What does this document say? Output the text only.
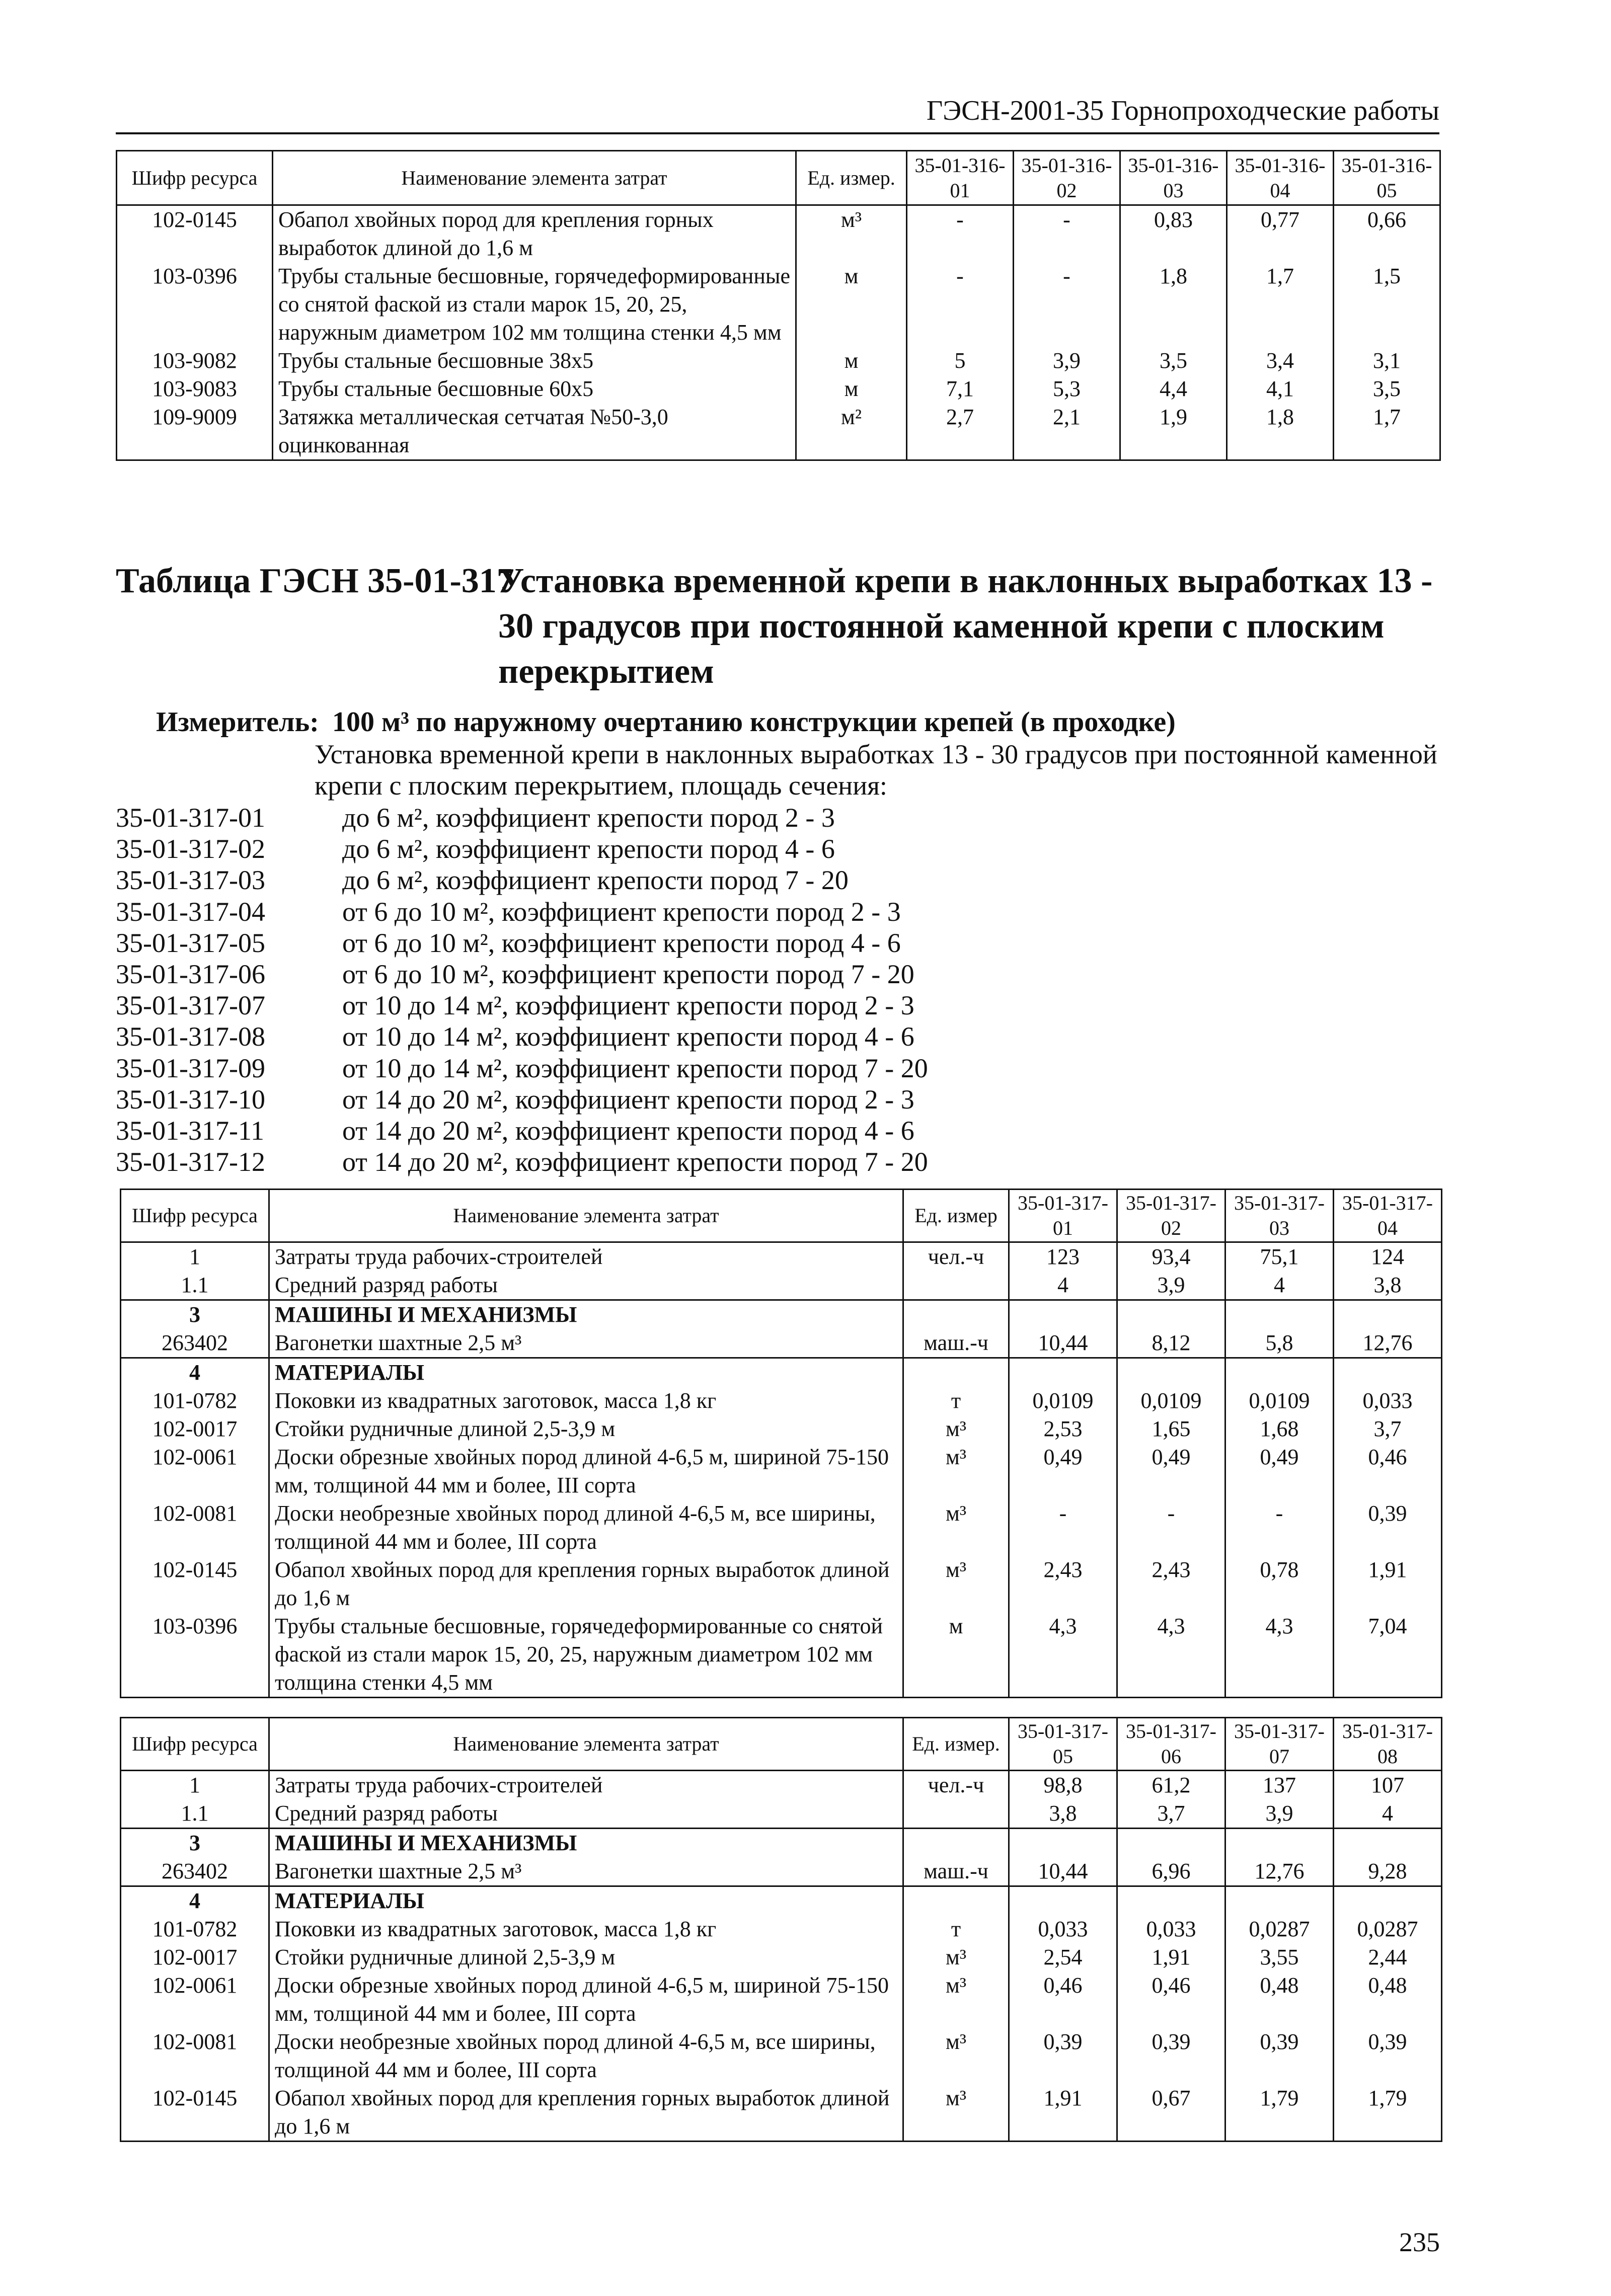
ГЭСН-2001-35 Горнопроходческие работы
Шифр ресурса	Наименование элемента затрат	Ед. измер.	35-01-316-01	35-01-316-02	35-01-316-03	35-01-316-04	35-01-316-05
102-0145	Обапол хвойных пород для крепления горных выработок длиной до 1,6 м	м³	-	-	0,83	0,77	0,66
103-0396	Трубы стальные бесшовные, горячедеформированные со снятой фаской из стали марок 15, 20, 25, наружным диаметром 102 мм толщина стенки 4,5 мм	м	-	-	1,8	1,7	1,5
103-9082	Трубы стальные бесшовные 38x5	м	5	3,9	3,5	3,4	3,1
103-9083	Трубы стальные бесшовные 60x5	м	7,1	5,3	4,4	4,1	3,5
109-9009	Затяжка металлическая сетчатая №50-3,0 оцинкованная	м²	2,7	2,1	1,9	1,8	1,7
Таблица ГЭСН 35-01-317
Установка временной крепи в наклонных выработках 13 - 30 градусов при постоянной каменной крепи с плоским перекрытием
Измеритель: 100 м³ по наружному очертанию конструкции крепей (в проходке)
Установка временной крепи в наклонных выработках 13 - 30 градусов при постоянной каменной крепи с плоским перекрытием, площадь сечения:
35-01-317-01	до 6 м², коэффициент крепости пород 2 - 3
35-01-317-02	до 6 м², коэффициент крепости пород 4 - 6
35-01-317-03	до 6 м², коэффициент крепости пород 7 - 20
35-01-317-04	от 6 до 10 м², коэффициент крепости пород 2 - 3
35-01-317-05	от 6 до 10 м², коэффициент крепости пород 4 - 6
35-01-317-06	от 6 до 10 м², коэффициент крепости пород 7 - 20
35-01-317-07	от 10 до 14 м², коэффициент крепости пород 2 - 3
35-01-317-08	от 10 до 14 м², коэффициент крепости пород 4 - 6
35-01-317-09	от 10 до 14 м², коэффициент крепости пород 7 - 20
35-01-317-10	от 14 до 20 м², коэффициент крепости пород 2 - 3
35-01-317-11	от 14 до 20 м², коэффициент крепости пород 4 - 6
35-01-317-12	от 14 до 20 м², коэффициент крепости пород 7 - 20
Шифр ресурса	Наименование элемента затрат	Ед. измер	35-01-317-01	35-01-317-02	35-01-317-03	35-01-317-04
1	Затраты труда рабочих-строителей	чел.-ч	123	93,4	75,1	124
1.1	Средний разряд работы		4	3,9	4	3,8
3	МАШИНЫ И МЕХАНИЗМЫ					
263402	Вагонетки шахтные 2,5 м³	маш.-ч	10,44	8,12	5,8	12,76
4	МАТЕРИАЛЫ					
101-0782	Поковки из квадратных заготовок, масса 1,8 кг	т	0,0109	0,0109	0,0109	0,033
102-0017	Стойки рудничные длиной 2,5-3,9 м	м³	2,53	1,65	1,68	3,7
102-0061	Доски обрезные хвойных пород длиной 4-6,5 м, шириной 75-150 мм, толщиной 44 мм и более, III сорта	м³	0,49	0,49	0,49	0,46
102-0081	Доски необрезные хвойных пород длиной 4-6,5 м, все ширины, толщиной 44 мм и более, III сорта	м³	-	-	-	0,39
102-0145	Обапол хвойных пород для крепления горных выработок длиной до 1,6 м	м³	2,43	2,43	0,78	1,91
103-0396	Трубы стальные бесшовные, горячедеформированные со снятой фаской из стали марок 15, 20, 25, наружным диаметром 102 мм толщина стенки 4,5 мм	м	4,3	4,3	4,3	7,04
Шифр ресурса	Наименование элемента затрат	Ед. измер.	35-01-317-05	35-01-317-06	35-01-317-07	35-01-317-08
1	Затраты труда рабочих-строителей	чел.-ч	98,8	61,2	137	107
1.1	Средний разряд работы		3,8	3,7	3,9	4
3	МАШИНЫ И МЕХАНИЗМЫ					
263402	Вагонетки шахтные 2,5 м³	маш.-ч	10,44	6,96	12,76	9,28
4	МАТЕРИАЛЫ					
101-0782	Поковки из квадратных заготовок, масса 1,8 кг	т	0,033	0,033	0,0287	0,0287
102-0017	Стойки рудничные длиной 2,5-3,9 м	м³	2,54	1,91	3,55	2,44
102-0061	Доски обрезные хвойных пород длиной 4-6,5 м, шириной 75-150 мм, толщиной 44 мм и более, III сорта	м³	0,46	0,46	0,48	0,48
102-0081	Доски необрезные хвойных пород длиной 4-6,5 м, все ширины, толщиной 44 мм и более, III сорта	м³	0,39	0,39	0,39	0,39
102-0145	Обапол хвойных пород для крепления горных выработок длиной до 1,6 м	м³	1,91	0,67	1,79	1,79
235
